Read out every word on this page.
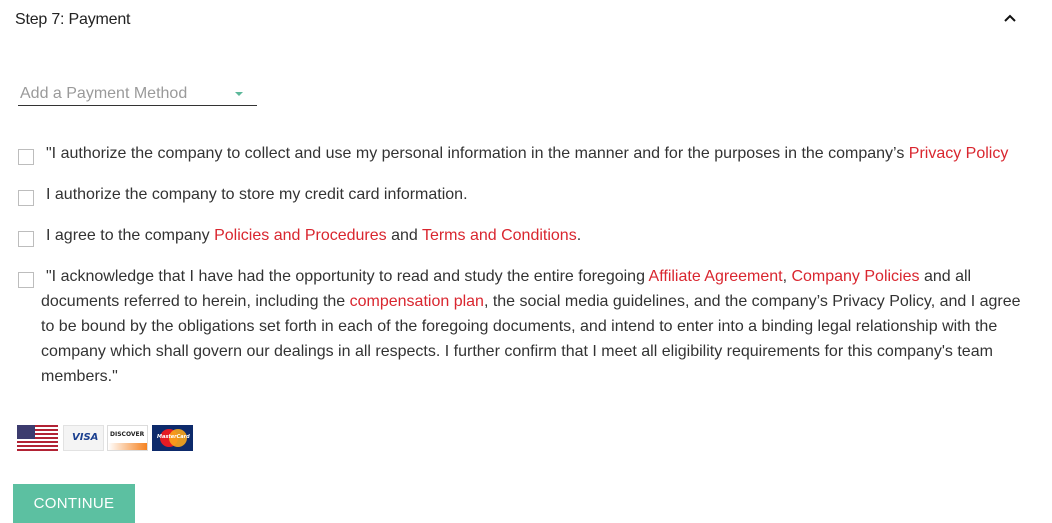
Step 7: Payment
Add a Payment Method
"I authorize the company to collect and use my personal information in the manner and for the purposes in the company’s Privacy Policy
I authorize the company to store my credit card information.
I agree to the company Policies and Procedures and Terms and Conditions.
"I acknowledge that I have had the opportunity to read and study the entire foregoing Affiliate Agreement, Company Policies and all documents referred to herein, including the compensation plan, the social media guidelines, and the company’s Privacy Policy, and I agree to be bound by the obligations set forth in each of the foregoing documents, and intend to enter into a binding legal relationship with the company which shall govern our dealings in all respects. I further confirm that I meet all eligibility requirements for this company's team members."
VISA DISCOVER	MasterCard
CONTINUE
